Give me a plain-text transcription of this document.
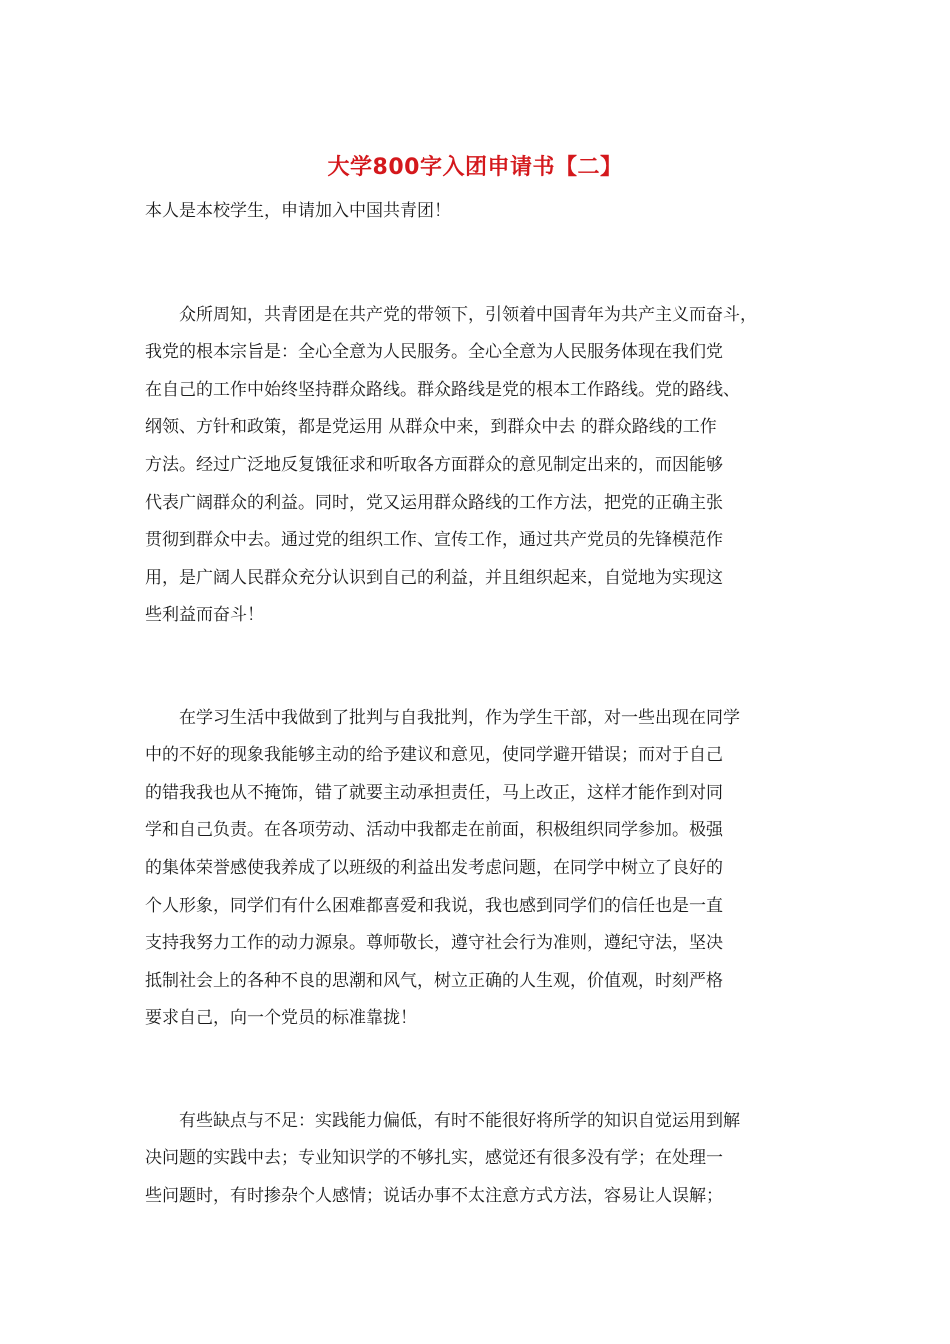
大学800字入团申请书【二】
本人是本校学生，申请加入中国共青团！
　　众所周知，共青团是在共产党的带领下，引领着中国青年为共产主义而奋斗，
我党的根本宗旨是：全心全意为人民服务。全心全意为人民服务体现在我们党
在自己的工作中始终坚持群众路线。群众路线是党的根本工作路线。党的路线、
纲领、方针和政策，都是党运用 从群众中来，到群众中去 的群众路线的工作
方法。经过广泛地反复饿征求和听取各方面群众的意见制定出来的，而因能够
代表广阔群众的利益。同时，党又运用群众路线的工作方法，把党的正确主张
贯彻到群众中去。通过党的组织工作、宣传工作，通过共产党员的先锋模范作
用，是广阔人民群众充分认识到自己的利益，并且组织起来，自觉地为实现这
些利益而奋斗！
　　在学习生活中我做到了批判与自我批判，作为学生干部，对一些出现在同学
中的不好的现象我能够主动的给予建议和意见，使同学避开错误；而对于自己
的错我我也从不掩饰，错了就要主动承担责任，马上改正，这样才能作到对同
学和自己负责。在各项劳动、活动中我都走在前面，积极组织同学参加。极强
的集体荣誉感使我养成了以班级的利益出发考虑问题，在同学中树立了良好的
个人形象，同学们有什么困难都喜爱和我说，我也感到同学们的信任也是一直
支持我努力工作的动力源泉。尊师敬长，遵守社会行为准则，遵纪守法，坚决
抵制社会上的各种不良的思潮和风气，树立正确的人生观，价值观，时刻严格
要求自己，向一个党员的标准靠拢！
　　有些缺点与不足：实践能力偏低，有时不能很好将所学的知识自觉运用到解
决问题的实践中去；专业知识学的不够扎实，感觉还有很多没有学；在处理一
些问题时，有时掺杂个人感情；说话办事不太注意方式方法，容易让人误解；
